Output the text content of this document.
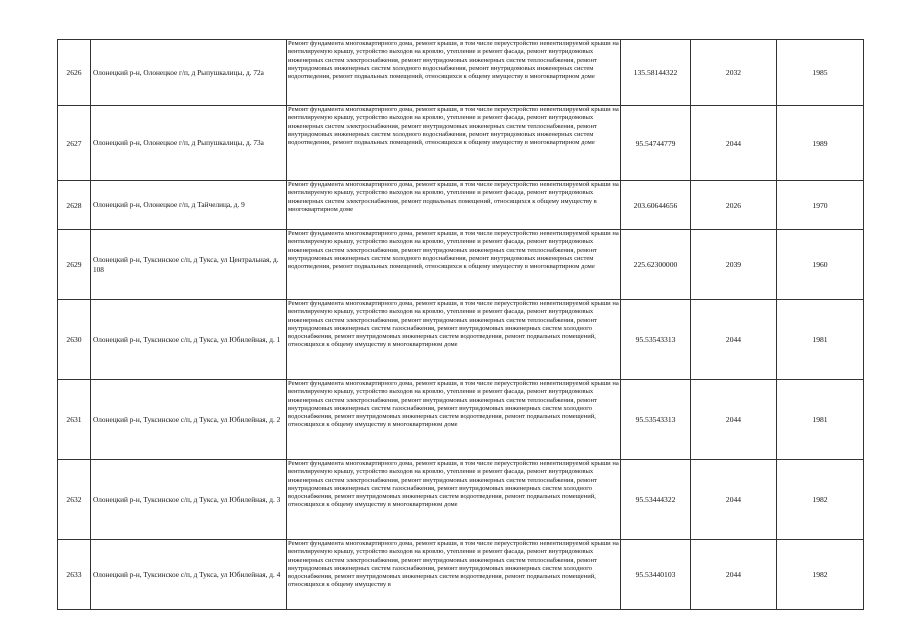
2626	Олонецкий р-н, Олонецкое г/п, д Рыпушкалицы, д. 72а	Ремонт фундамента многоквартирного дома, ремонт крыши, в том числе переустройство невентилируемой крыши на вентилируемую крышу, устройство выходов на кровлю, утепление и ремонт фасада, ремонт внутридомовых инженерных систем электроснабжения, ремонт внутридомовых инженерных систем теплоснабжения, ремонт внутридомовых инженерных систем холодного водоснабжения, ремонт внутридомовых инженерных систем водоотведения, ремонт подвальных помещений, относящихся к общему имуществу в многоквартирном доме	135.58144322	2032	1985
2627	Олонецкий р-н, Олонецкое г/п, д Рыпушкалицы, д. 73а	Ремонт фундамента многоквартирного дома, ремонт крыши, в том числе переустройство невентилируемой крыши на вентилируемую крышу, устройство выходов на кровлю, утепление и ремонт фасада, ремонт внутридомовых инженерных систем электроснабжения, ремонт внутридомовых инженерных систем теплоснабжения, ремонт внутридомовых инженерных систем холодного водоснабжения, ремонт внутридомовых инженерных систем водоотведения, ремонт подвальных помещений, относящихся к общему имуществу в многоквартирном доме	95.54744779	2044	1989
2628	Олонецкий р-н, Олонецкое г/п, д Тайчелица, д. 9	Ремонт фундамента многоквартирного дома, ремонт крыши, в том числе переустройство невентилируемой крыши на вентилируемую крышу, устройство выходов на кровлю, утепление и ремонт фасада, ремонт внутридомовых инженерных систем электроснабжения, ремонт подвальных помещений, относящихся к общему имуществу в многоквартирном доме	203.60644656	2026	1970
2629	Олонецкий р-н, Туксинское с/п, д Тукса, ул Центральная, д. 108	Ремонт фундамента многоквартирного дома, ремонт крыши, в том числе переустройство невентилируемой крыши на вентилируемую крышу, устройство выходов на кровлю, утепление и ремонт фасада, ремонт внутридомовых инженерных систем электроснабжения, ремонт внутридомовых инженерных систем теплоснабжения, ремонт внутридомовых инженерных систем холодного водоснабжения, ремонт внутридомовых инженерных систем водоотведения, ремонт подвальных помещений, относящихся к общему имуществу в многоквартирном доме	225.62300000	2039	1960
2630	Олонецкий р-н, Туксинское с/п, д Тукса, ул Юбилейная, д. 1	Ремонт фундамента многоквартирного дома, ремонт крыши, в том числе переустройство невентилируемой крыши на вентилируемую крышу, устройство выходов на кровлю, утепление и ремонт фасада, ремонт внутридомовых инженерных систем электроснабжения, ремонт внутридомовых инженерных систем теплоснабжения, ремонт внутридомовых инженерных систем газоснабжения, ремонт внутридомовых инженерных систем холодного водоснабжения, ремонт внутридомовых инженерных систем водоотведения, ремонт подвальных помещений, относящихся к общему имуществу в многоквартирном доме	95.53543313	2044	1981
2631	Олонецкий р-н, Туксинское с/п, д Тукса, ул Юбилейная, д. 2	Ремонт фундамента многоквартирного дома, ремонт крыши, в том числе переустройство невентилируемой крыши на вентилируемую крышу, устройство выходов на кровлю, утепление и ремонт фасада, ремонт внутридомовых инженерных систем электроснабжения, ремонт внутридомовых инженерных систем теплоснабжения, ремонт внутридомовых инженерных систем газоснабжения, ремонт внутридомовых инженерных систем холодного водоснабжения, ремонт внутридомовых инженерных систем водоотведения, ремонт подвальных помещений, относящихся к общему имуществу в многоквартирном доме	95.53543313	2044	1981
2632	Олонецкий р-н, Туксинское с/п, д Тукса, ул Юбилейная, д. 3	Ремонт фундамента многоквартирного дома, ремонт крыши, в том числе переустройство невентилируемой крыши на вентилируемую крышу, устройство выходов на кровлю, утепление и ремонт фасада, ремонт внутридомовых инженерных систем электроснабжения, ремонт внутридомовых инженерных систем теплоснабжения, ремонт внутридомовых инженерных систем газоснабжения, ремонт внутридомовых инженерных систем холодного водоснабжения, ремонт внутридомовых инженерных систем водоотведения, ремонт подвальных помещений, относящихся к общему имуществу в многоквартирном доме	95.53444322	2044	1982
2633	Олонецкий р-н, Туксинское с/п, д Тукса, ул Юбилейная, д. 4	Ремонт фундамента многоквартирного дома, ремонт крыши, в том числе переустройство невентилируемой крыши на вентилируемую крышу, устройство выходов на кровлю, утепление и ремонт фасада, ремонт внутридомовых инженерных систем электроснабжения, ремонт внутридомовых инженерных систем теплоснабжения, ремонт внутридомовых инженерных систем газоснабжения, ремонт внутридомовых инженерных систем холодного водоснабжения, ремонт внутридомовых инженерных систем водоотведения, ремонт подвальных помещений, относящихся к общему имуществу в	95.53440103	2044	1982
